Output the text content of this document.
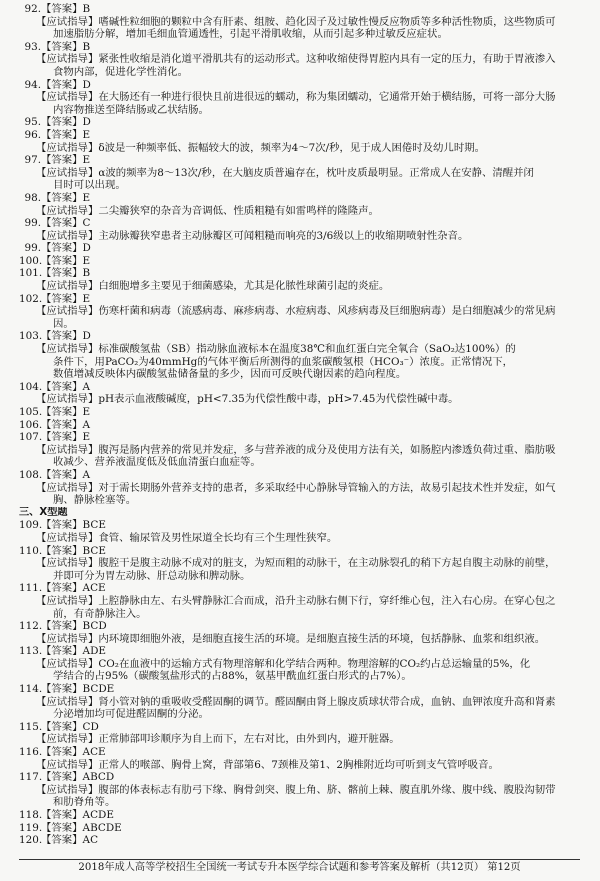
92.【答案】B
【应试指导】嗜碱性粒细胞的颗粒中含有肝素、组胺、趋化因子及过敏性慢反应物质等多种活性物质，这些物质可
加速脂肪分解，增加毛细血管通透性，引起平滑肌收缩，从而引起多种过敏反应症状。
93.【答案】B
【应试指导】紧张性收缩是消化道平滑肌共有的运动形式。这种收缩使得胃腔内具有一定的压力，有助于胃液渗入
食物内部，促进化学性消化。
94.【答案】D
【应试指导】在大肠还有一种进行很快且前进很远的蠕动，称为集团蠕动，它通常开始于横结肠，可将一部分大肠
内容物推送至降结肠或乙状结肠。
95.【答案】D
96.【答案】E
【应试指导】δ波是一种频率低、振幅较大的波，频率为4～7次/秒，见于成人困倦时及幼儿时期。
97.【答案】E
【应试指导】α波的频率为8～13次/秒，在大脑皮质普遍存在，枕叶皮质最明显。正常成人在安静、清醒并闭
目时可以出现。
98.【答案】E
【应试指导】二尖瓣狭窄的杂音为音调低、性质粗糙有如雷鸣样的隆隆声。
99.【答案】C
【应试指导】主动脉瓣狭窄患者主动脉瓣区可闻粗糙而响亮的3/6级以上的收缩期喷射性杂音。
99.【答案】D
100.【答案】E
101.【答案】B
【应试指导】白细胞增多主要见于细菌感染，尤其是化脓性球菌引起的炎症。
102.【答案】E
【应试指导】伤寒杆菌和病毒（流感病毒、麻疹病毒、水痘病毒、风疹病毒及巨细胞病毒）是白细胞减少的常见病
因。
103.【答案】D
【应试指导】标准碳酸氢盐（SB）指动脉血液标本在温度38℃和血红蛋白完全氧合（SaO₂达100%）的
条件下，用PaCO₂为40mmHg的气体平衡后所测得的血浆碳酸氢根（HCO₃⁻）浓度。正常情况下，
数值增减反映体内碳酸氢盐储备量的多少，因而可反映代谢因素的趋向程度。
104.【答案】A
【应试指导】pH表示血液酸碱度，pH<7.35为代偿性酸中毒，pH>7.45为代偿性碱中毒。
105.【答案】E
106.【答案】A
107.【答案】E
【应试指导】腹泻是肠内营养的常见并发症，多与营养液的成分及使用方法有关，如肠腔内渗透负荷过重、脂肪吸
收减少、营养液温度低及低血清蛋白血症等。
108.【答案】A
【应试指导】对于需长期肠外营养支持的患者，多采取经中心静脉导管输入的方法，故易引起技术性并发症，如气
胸、静脉栓塞等。
三、X型题
109.【答案】BCE
【应试指导】食管、输尿管及男性尿道全长均有三个生理性狭窄。
110.【答案】BCE
【应试指导】腹腔干是腹主动脉不成对的脏支，为短而粗的动脉干，在主动脉裂孔的稍下方起自腹主动脉的前壁，
并即可分为胃左动脉、肝总动脉和脾动脉。
111.【答案】ACE
【应试指导】上腔静脉由左、右头臂静脉汇合而成，沿升主动脉右侧下行，穿纤维心包，注入右心房。在穿心包之
前，有奇静脉注入。
112.【答案】BCD
【应试指导】内环境即细胞外液，是细胞直接生活的环境。是细胞直接生活的环境，包括静脉、血浆和组织液。
113.【答案】ADE
【应试指导】CO₂在血液中的运输方式有物理溶解和化学结合两种。物理溶解的CO₂约占总运输量的5%，化
学结合的占95%（碳酸氢盐形式的占88%，氨基甲酰血红蛋白形式的占7%）。
114.【答案】BCDE
【应试指导】肾小管对钠的重吸收受醛固酮的调节。醛固酮由肾上腺皮质球状带合成，血钠、血钾浓度升高和肾素
分泌增加均可促进醛固酮的分泌。
115.【答案】CD
【应试指导】正常肺部叩诊顺序为自上而下，左右对比，由外到内，避开脏器。
116.【答案】ACE
【应试指导】正常人的喉部、胸骨上窝，背部第6、7颈椎及第1、2胸椎附近均可听到支气管呼吸音。
117.【答案】ABCD
【应试指导】腹部的体表标志有肋弓下缘、胸骨剑突、腹上角、脐、髂前上棘、腹直肌外缘、腹中线、腹股沟韧带
和肋脊角等。
118.【答案】ACDE
119.【答案】ABCDE
120.【答案】AC
2018年成人高等学校招生全国统一考试专升本医学综合试题和参考答案及解析（共12页） 第12页
